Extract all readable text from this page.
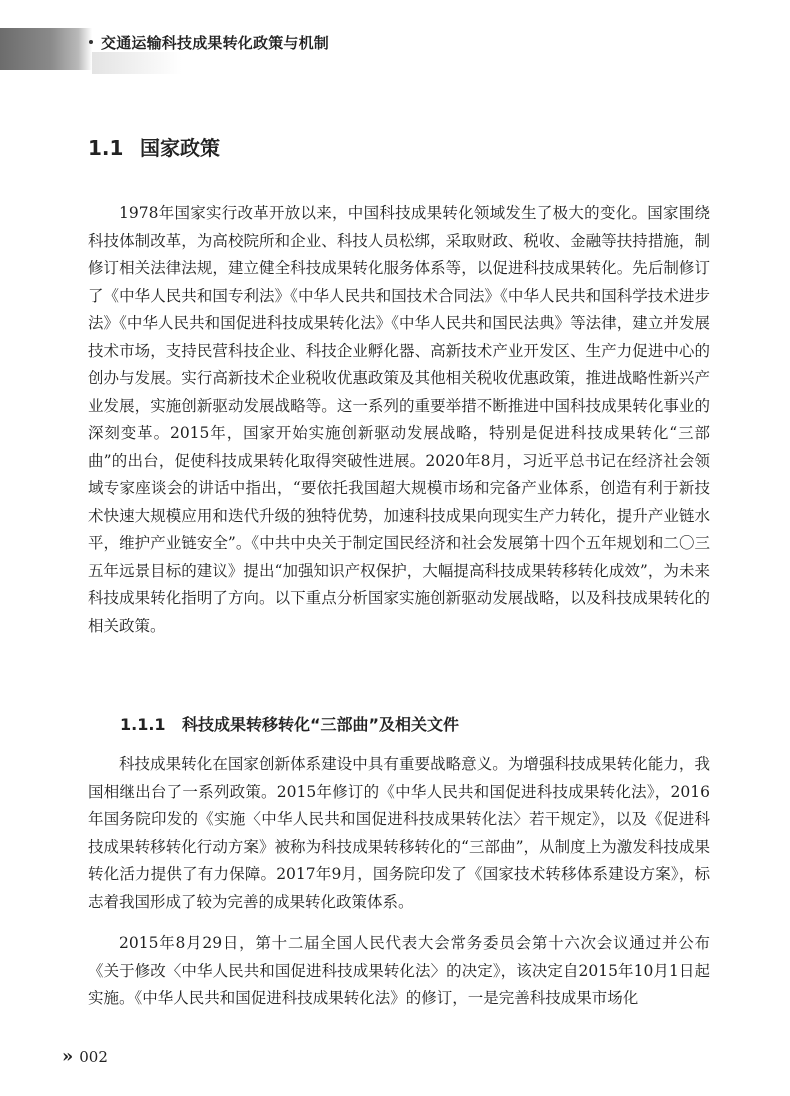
交通运输科技成果转化政策与机制
1.1 国家政策

1978年国家实行改革开放以来，中国科技成果转化领域发生了极大的变化。国家围绕科技体制改革，为高校院所和企业、科技人员松绑，采取财政、税收、金融等扶持措施，制修订相关法律法规，建立健全科技成果转化服务体系等，以促进科技成果转化。先后制修订了《中华人民共和国专利法》《中华人民共和国技术合同法》《中华人民共和国科学技术进步法》《中华人民共和国促进科技成果转化法》《中华人民共和国民法典》等法律，建立并发展技术市场，支持民营科技企业、科技企业孵化器、高新技术产业开发区、生产力促进中心的创办与发展。实行高新技术企业税收优惠政策及其他相关税收优惠政策，推进战略性新兴产业发展，实施创新驱动发展战略等。这一系列的重要举措不断推进中国科技成果转化事业的深刻变革。2015年，国家开始实施创新驱动发展战略，特别是促进科技成果转化“三部曲”的出台，促使科技成果转化取得突破性进展。2020年8月，习近平总书记在经济社会领域专家座谈会的讲话中指出，“要依托我国超大规模市场和完备产业体系，创造有利于新技术快速大规模应用和迭代升级的独特优势，加速科技成果向现实生产力转化，提升产业链水平，维护产业链安全”。《中共中央关于制定国民经济和社会发展第十四个五年规划和二〇三五年远景目标的建议》提出“加强知识产权保护，大幅提高科技成果转移转化成效”，为未来科技成果转化指明了方向。以下重点分析国家实施创新驱动发展战略，以及科技成果转化的相关政策。

1.1.1 科技成果转移转化“三部曲”及相关文件

科技成果转化在国家创新体系建设中具有重要战略意义。为增强科技成果转化能力，我国相继出台了一系列政策。2015年修订的《中华人民共和国促进科技成果转化法》，2016年国务院印发的《实施〈中华人民共和国促进科技成果转化法〉若干规定》，以及《促进科技成果转移转化行动方案》被称为科技成果转移转化的“三部曲”，从制度上为激发科技成果转化活力提供了有力保障。2017年9月，国务院印发了《国家技术转移体系建设方案》，标志着我国形成了较为完善的成果转化政策体系。

2015年8月29日，第十二届全国人民代表大会常务委员会第十六次会议通过并公布《关于修改〈中华人民共和国促进科技成果转化法〉的决定》，该决定自2015年10月1日起实施。《中华人民共和国促进科技成果转化法》的修订，一是完善科技成果市场化

» 002
